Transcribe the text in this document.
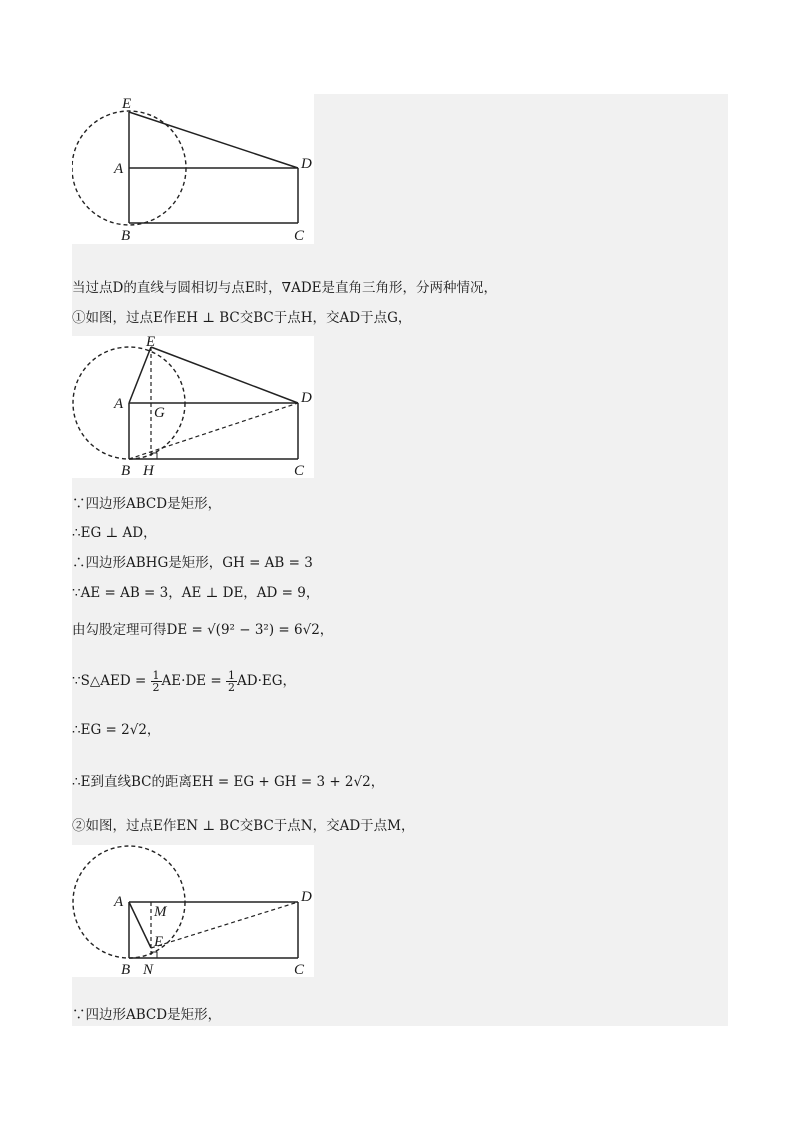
E
A
B	C
D
当过点D的直线与圆相切与点E时，∇ADE是直角三角形，分两种情况，
①如图，过点E作EH ⊥ BC交BC于点H，交AD于点G，
E
A
G
B H	C
D
∵四边形ABCD是矩形，
∴EG ⊥ AD，
∴四边形ABHG是矩形，GH = AB = 3
∵AE = AB = 3，AE ⊥ DE，AD = 9，
由勾股定理可得DE = √(9² − 3²) = 6√2，
∵S△AED = $\frac{1}{2} AE\cdot DE = \frac{1}{2} AD\cdot EG$，
∴EG = 2√2，
∴E到直线BC的距离EH = EG + GH = 3 + 2√2，
②如图，过点E作EN ⊥ BC交BC于点N，交AD于点M，
A
M
E
B N	C
D
∵四边形ABCD是矩形，
